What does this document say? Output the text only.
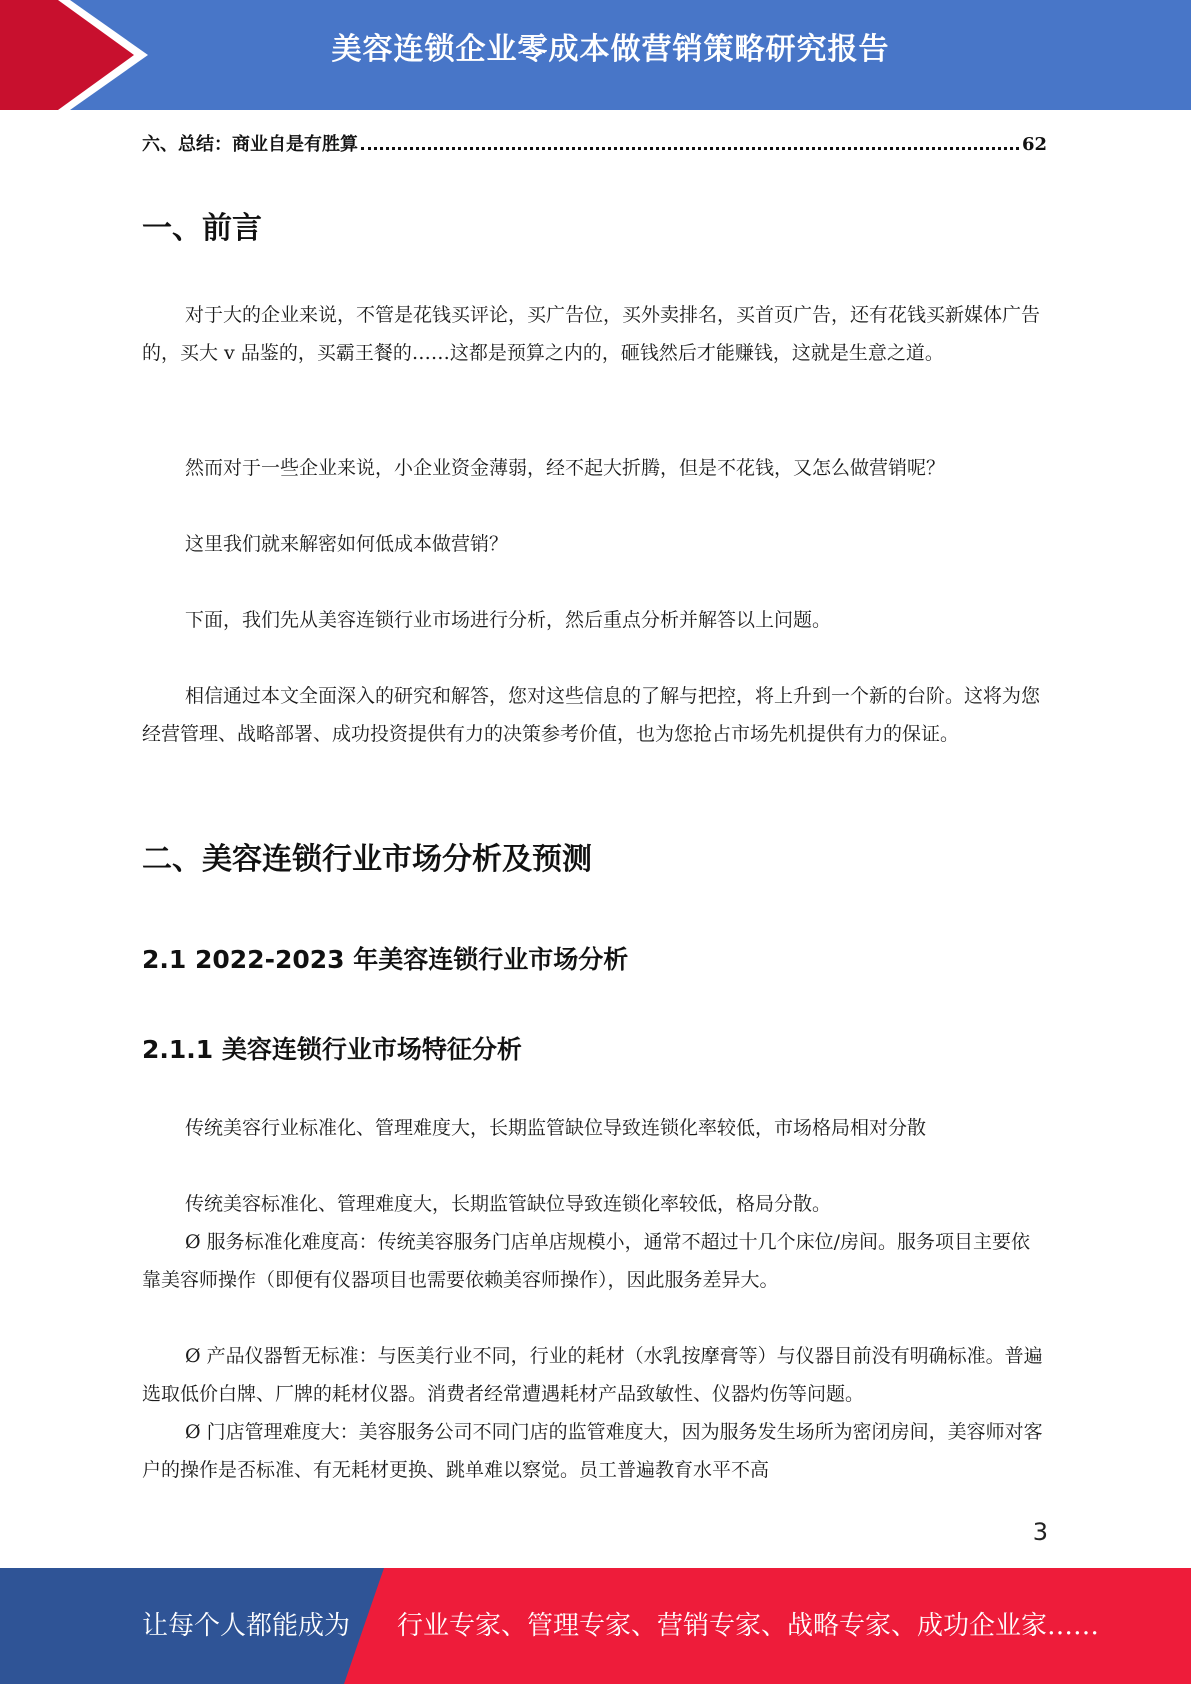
美容连锁企业零成本做营销策略研究报告
六、总结：商业自是有胜算	62
一、前言

对于大的企业来说，不管是花钱买评论，买广告位，买外卖排名，买首页广告，还有花钱买新媒体广告的，买大 v 品鉴的，买霸王餐的……这都是预算之内的，砸钱然后才能赚钱，这就是生意之道。

然而对于一些企业来说，小企业资金薄弱，经不起大折腾，但是不花钱，又怎么做营销呢？

这里我们就来解密如何低成本做营销？

下面，我们先从美容连锁行业市场进行分析，然后重点分析并解答以上问题。

相信通过本文全面深入的研究和解答，您对这些信息的了解与把控，将上升到一个新的台阶。这将为您经营管理、战略部署、成功投资提供有力的决策参考价值，也为您抢占市场先机提供有力的保证。

二、美容连锁行业市场分析及预测
2.1 2022-2023 年美容连锁行业市场分析
2.1.1 美容连锁行业市场特征分析

传统美容行业标准化、管理难度大，长期监管缺位导致连锁化率较低，市场格局相对分散

传统美容标准化、管理难度大，长期监管缺位导致连锁化率较低，格局分散。

Ø 服务标准化难度高：传统美容服务门店单店规模小，通常不超过十几个床位/房间。服务项目主要依靠美容师操作（即便有仪器项目也需要依赖美容师操作），因此服务差异大。

Ø 产品仪器暂无标准：与医美行业不同，行业的耗材（水乳按摩膏等）与仪器目前没有明确标准。普遍选取低价白牌、厂牌的耗材仪器。消费者经常遭遇耗材产品致敏性、仪器灼伤等问题。

Ø 门店管理难度大：美容服务公司不同门店的监管难度大，因为服务发生场所为密闭房间，美容师对客户的操作是否标准、有无耗材更换、跳单难以察觉。员工普遍教育水平不高

3
让每个人都能成为 行业专家、管理专家、营销专家、战略专家、成功企业家……
